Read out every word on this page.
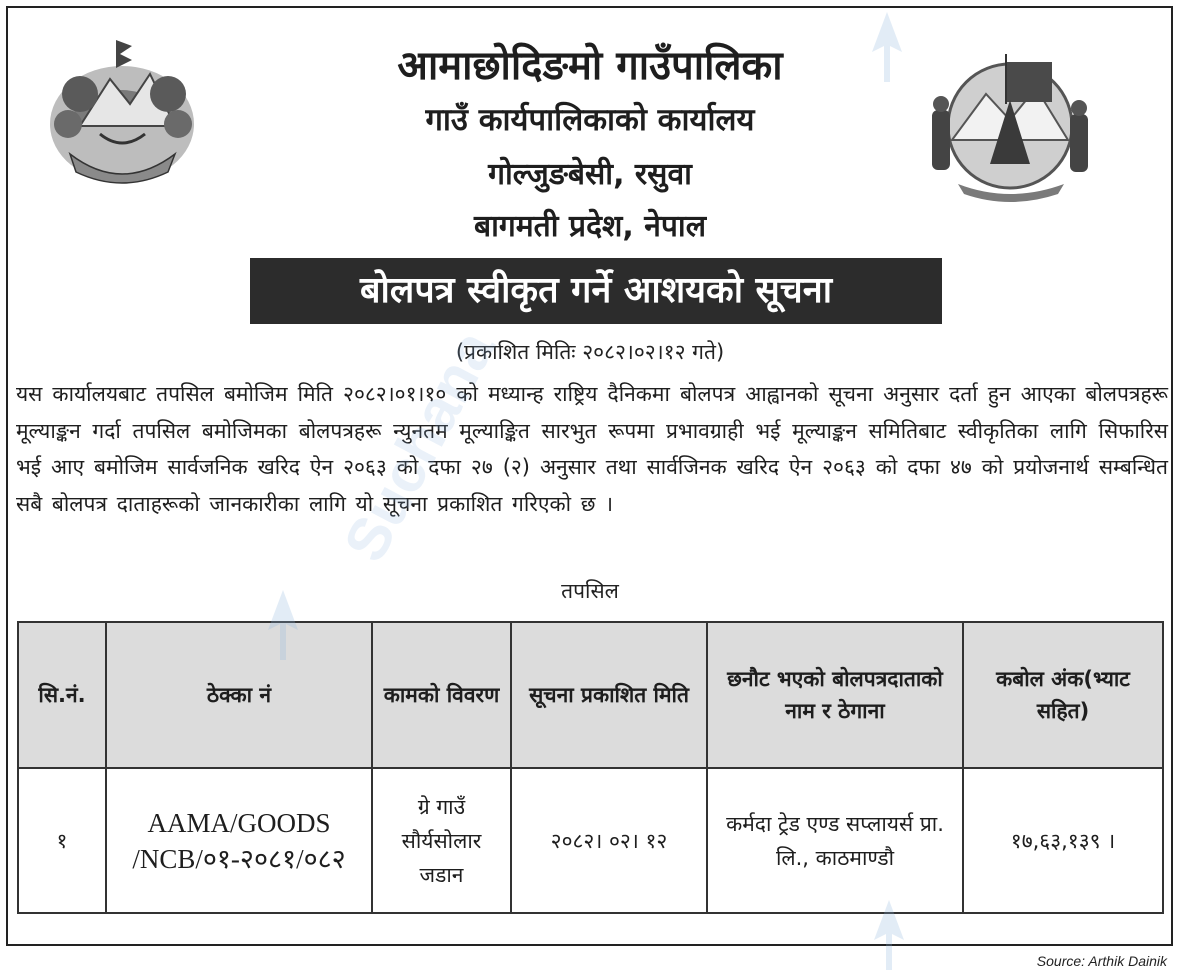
आमाछोदिङमो गाउँपालिका
गाउँ कार्यपालिकाको कार्यालय
गोल्जुङबेसी, रसुवा
बागमती प्रदेश, नेपाल
बोलपत्र स्वीकृत गर्ने आशयको सूचना
(प्रकाशित मितिः २०८२।०२।१२ गते)
यस कार्यालयबाट तपसिल बमोजिम मिति २०८२।०१।१० को मध्यान्ह राष्ट्रिय दैनिकमा बोलपत्र आह्वानको सूचना अनुसार दर्ता हुन आएका बोलपत्रहरू मूल्याङ्कन गर्दा तपसिल बमोजिमका बोलपत्रहरू न्युनतम मूल्याङ्कित सारभुत रूपमा प्रभावग्राही भई मूल्याङ्कन समितिबाट स्वीकृतिका लागि सिफारिस भई आए बमोजिम सार्वजनिक खरिद ऐन २०६३ को दफा २७ (२) अनुसार तथा सार्वजिनक खरिद ऐन २०६३ को दफा ४७ को प्रयोजनार्थ सम्बन्धित सबै बोलपत्र दाताहरूको जानकारीका लागि यो सूचना प्रकाशित गरिएको छ ।
तपसिल
सि.नं.	ठेक्का नं	कामको विवरण	सूचना प्रकाशित मिति	छनौट भएको बोलपत्रदाताको नाम र ठेगाना	कबोल अंक(भ्याट सहित)
१	AAMA/GOODS /NCB/०१-२०८१/०८२	ग्रे गाउँ सौर्यसोलार जडान	२०८२। ०२। १२	कर्मदा ट्रेड एण्ड सप्लायर्स प्रा. लि., काठमाण्डौ	१७,६३,१३९ ।
Suchana
Source: Arthik Dainik
